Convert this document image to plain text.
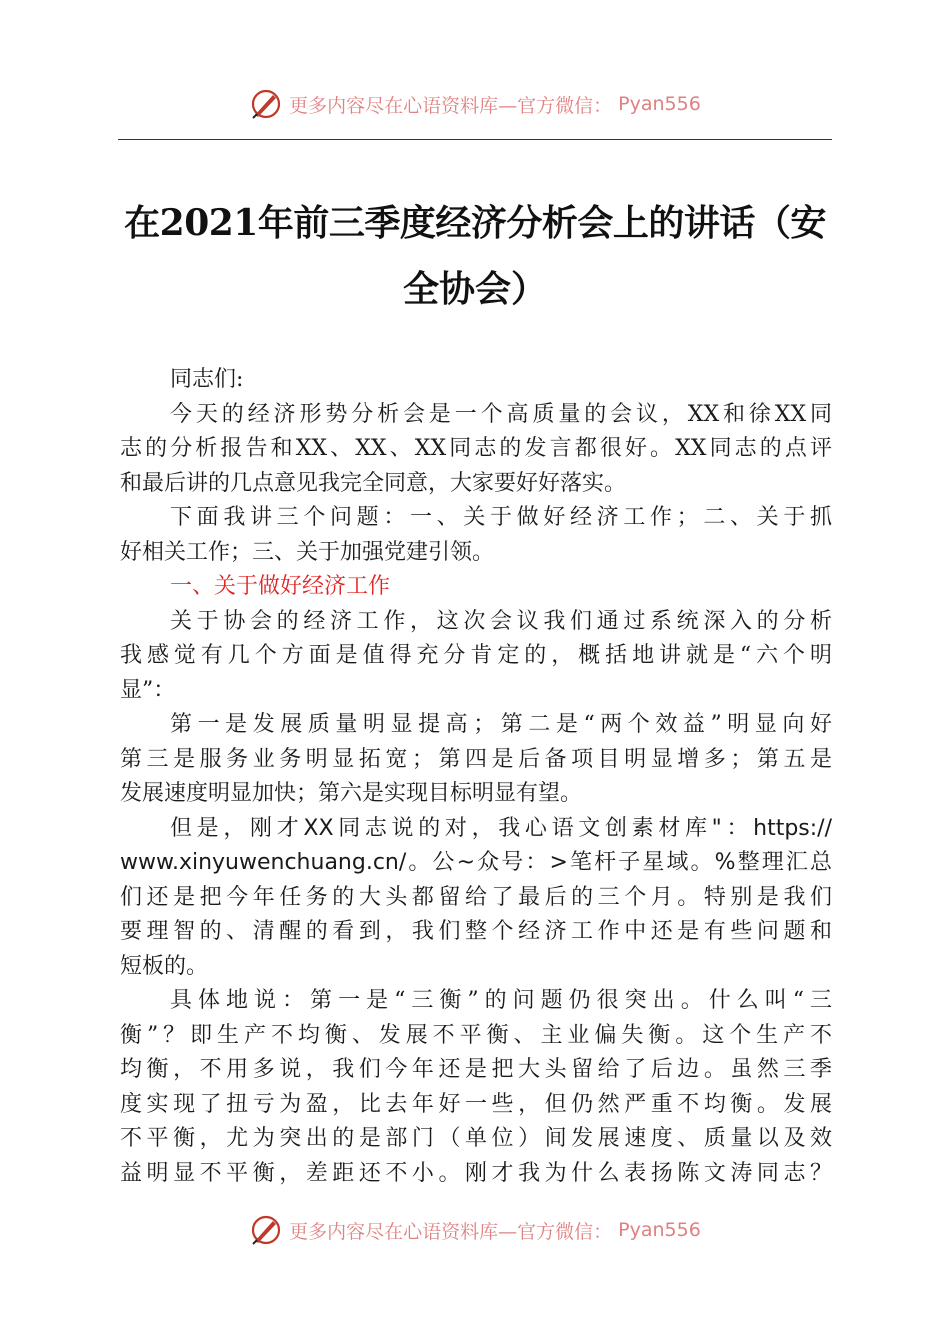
更多内容尽在心语资料库—官方微信： Pyan556
在2021年前三季度经济分析会上的讲话（安
全协会）
同志们:
今天的经济形势分析会是一个高质量的会议，XX和徐XX同
志的分析报告和XX、XX、XX同志的发言都很好。XX同志的点评
和最后讲的几点意见我完全同意，大家要好好落实。
下面我讲三个问题：一、关于做好经济工作；二、关于抓
好相关工作；三、关于加强党建引领。
一、关于做好经济工作
关于协会的经济工作，这次会议我们通过系统深入的分析
我感觉有几个方面是值得充分肯定的，概括地讲就是“六个明
显”：
第一是发展质量明显提高；第二是“两个效益”明显向好
第三是服务业务明显拓宽；第四是后备项目明显增多；第五是
发展速度明显加快；第六是实现目标明显有望。
但是，刚才XX同志说的对，我心语文创素材库"：https://
www.xinyuwenchuang.cn/。公~众号：>笔杆子星域。%整理汇总
们还是把今年任务的大头都留给了最后的三个月。特别是我们
要理智的、清醒的看到，我们整个经济工作中还是有些问题和
短板的。
具体地说：第一是“三衡”的问题仍很突出。什么叫“三
衡”？即生产不均衡、发展不平衡、主业偏失衡。这个生产不
均衡，不用多说，我们今年还是把大头留给了后边。虽然三季
度实现了扭亏为盈，比去年好一些，但仍然严重不均衡。发展
不平衡，尤为突出的是部门（单位）间发展速度、质量以及效
益明显不平衡，差距还不小。刚才我为什么表扬陈文涛同志？
更多内容尽在心语资料库—官方微信： Pyan556
